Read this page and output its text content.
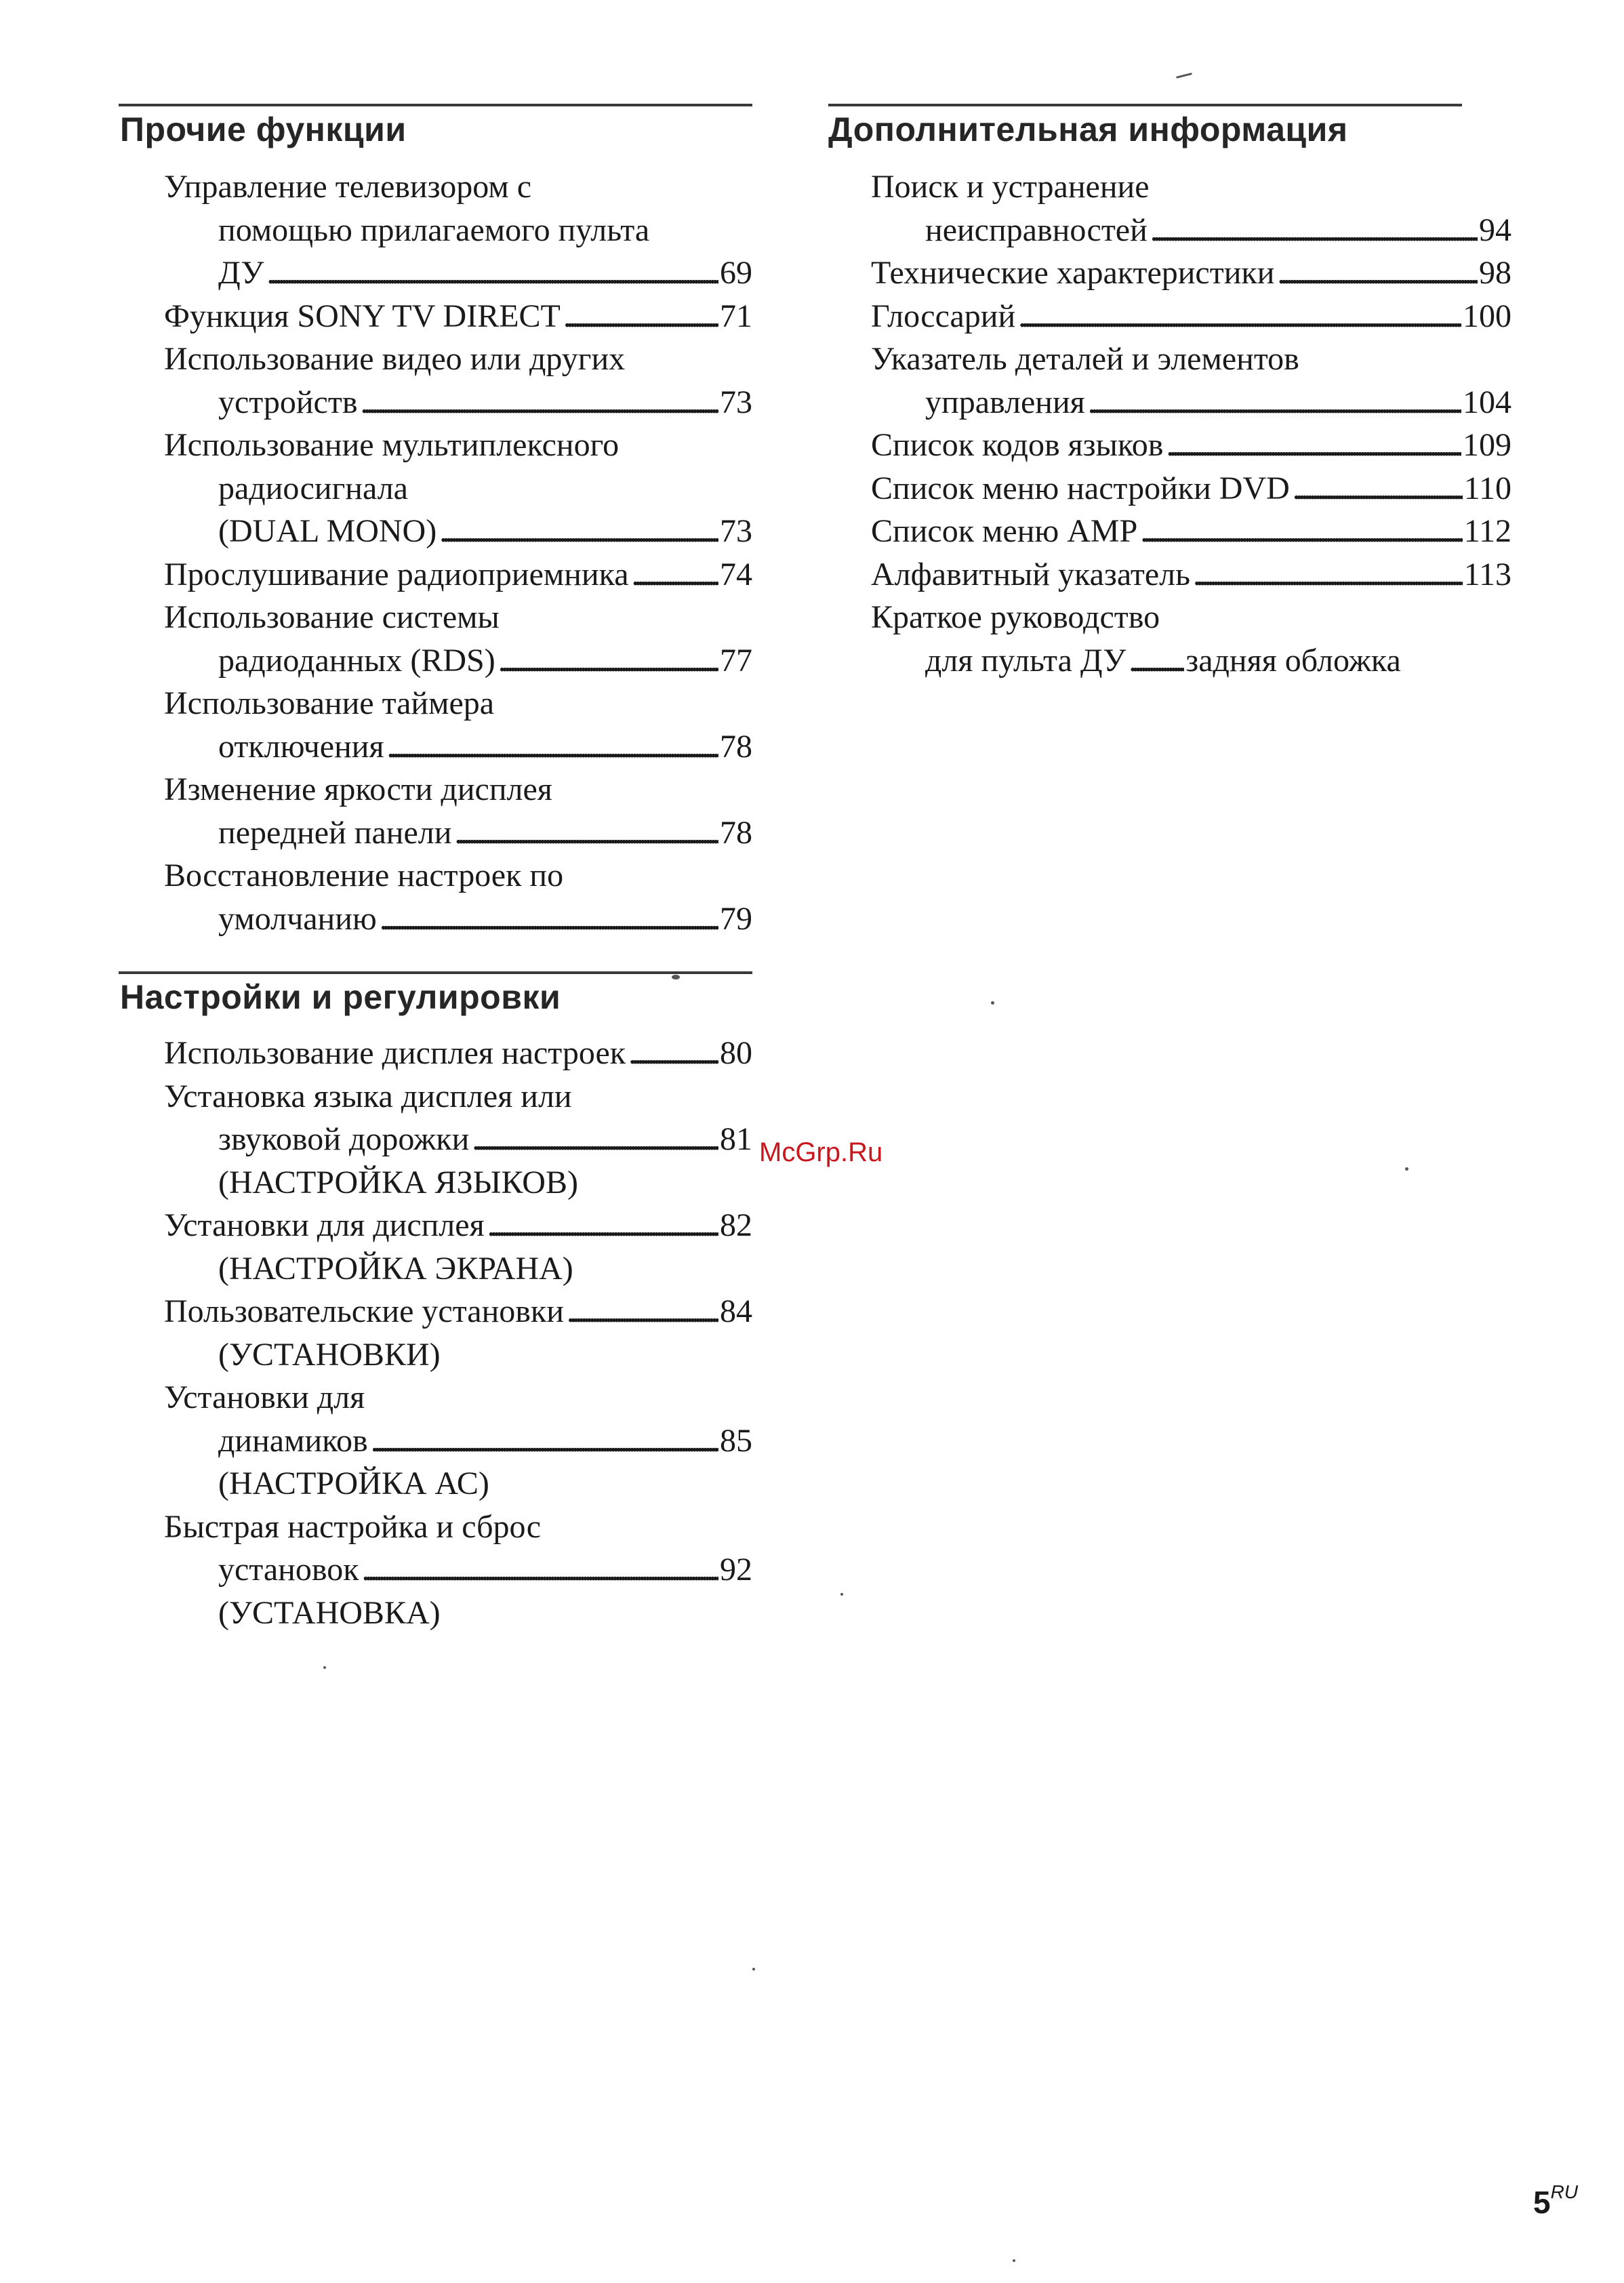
Прочие функции
Управление телевизором с
помощью прилагаемого пульта
ДУ . . .	69
Функция SONY TV DIRECT . . .	71
Использование видео или других
устройств . . .	73
Использование мультиплексного
радиосигнала
(DUAL MONO) . . .	73
Прослушивание радиоприемника . . .	74
Использование системы
радиоданных (RDS) . . .	77
Использование таймера
отключения . . .	78
Изменение яркости дисплея
передней панели . . .	78
Восстановление настроек по
умолчанию . . .	79
Настройки и регулировки
Использование дисплея настроек . . .	80
Установка языка дисплея или
звуковой дорожки . . .	81
(НАСТРОЙКА ЯЗЫКОВ)
Установки для дисплея . . .	82
(НАСТРОЙКА ЭКРАНА)
Пользовательские установки . . .	84
(УСТАНОВКИ)
Установки для
динамиков . . .	85
(НАСТРОЙКА АС)
Быстрая настройка и сброс
установок . . .	92
(УСТАНОВКА)
Дополнительная информация
Поиск и устранение
неисправностей . . .	94
Технические характеристики . . .	98
Глоссарий . . .	100
Указатель деталей и элементов
управления . . .	104
Список кодов языков . . .	109
Список меню настройки DVD . . .	110
Список меню AMP . . .	112
Алфавитный указатель . . .	113
Краткое руководство
для пульта ДУ . . . задняя обложка
McGrp.Ru
5RU
